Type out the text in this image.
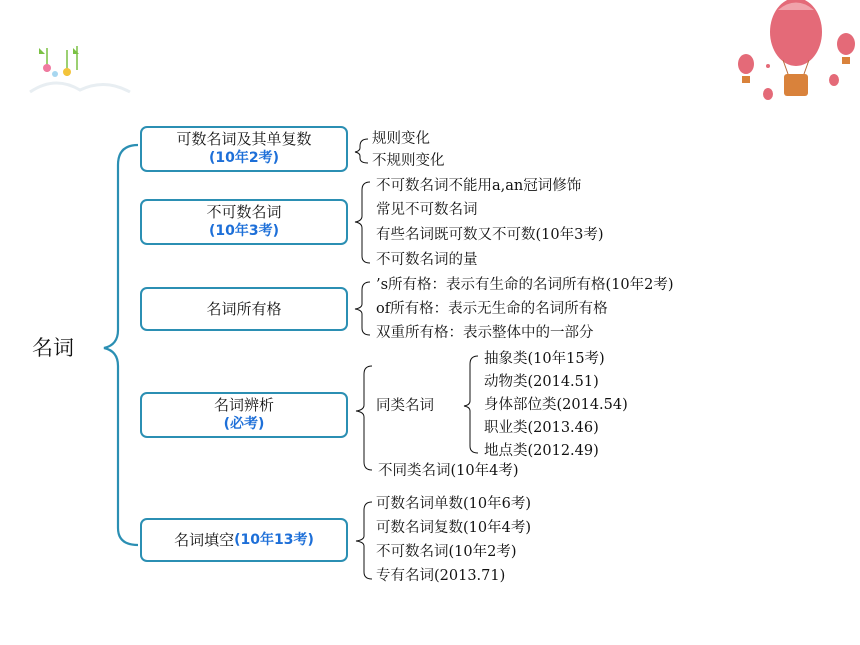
名词
可数名词及其单复数
(10年2考)
规则变化
不规则变化
不可数名词
(10年3考)
不可数名词不能用a,an冠词修饰
常见不可数名词
有些名词既可数又不可数(10年3考)
不可数名词的量
名词所有格
’s所有格：表示有生命的名词所有格(10年2考)
of所有格：表示无生命的名词所有格
双重所有格：表示整体中的一部分
名词辨析
(必考)
同类名词
抽象类(10年15考)
动物类(2014.51)
身体部位类(2014.54)
职业类(2013.46)
地点类(2012.49)
不同类名词(10年4考)
名词填空 (10年13考)
可数名词单数(10年6考)
可数名词复数(10年4考)
不可数名词(10年2考)
专有名词(2013.71)
